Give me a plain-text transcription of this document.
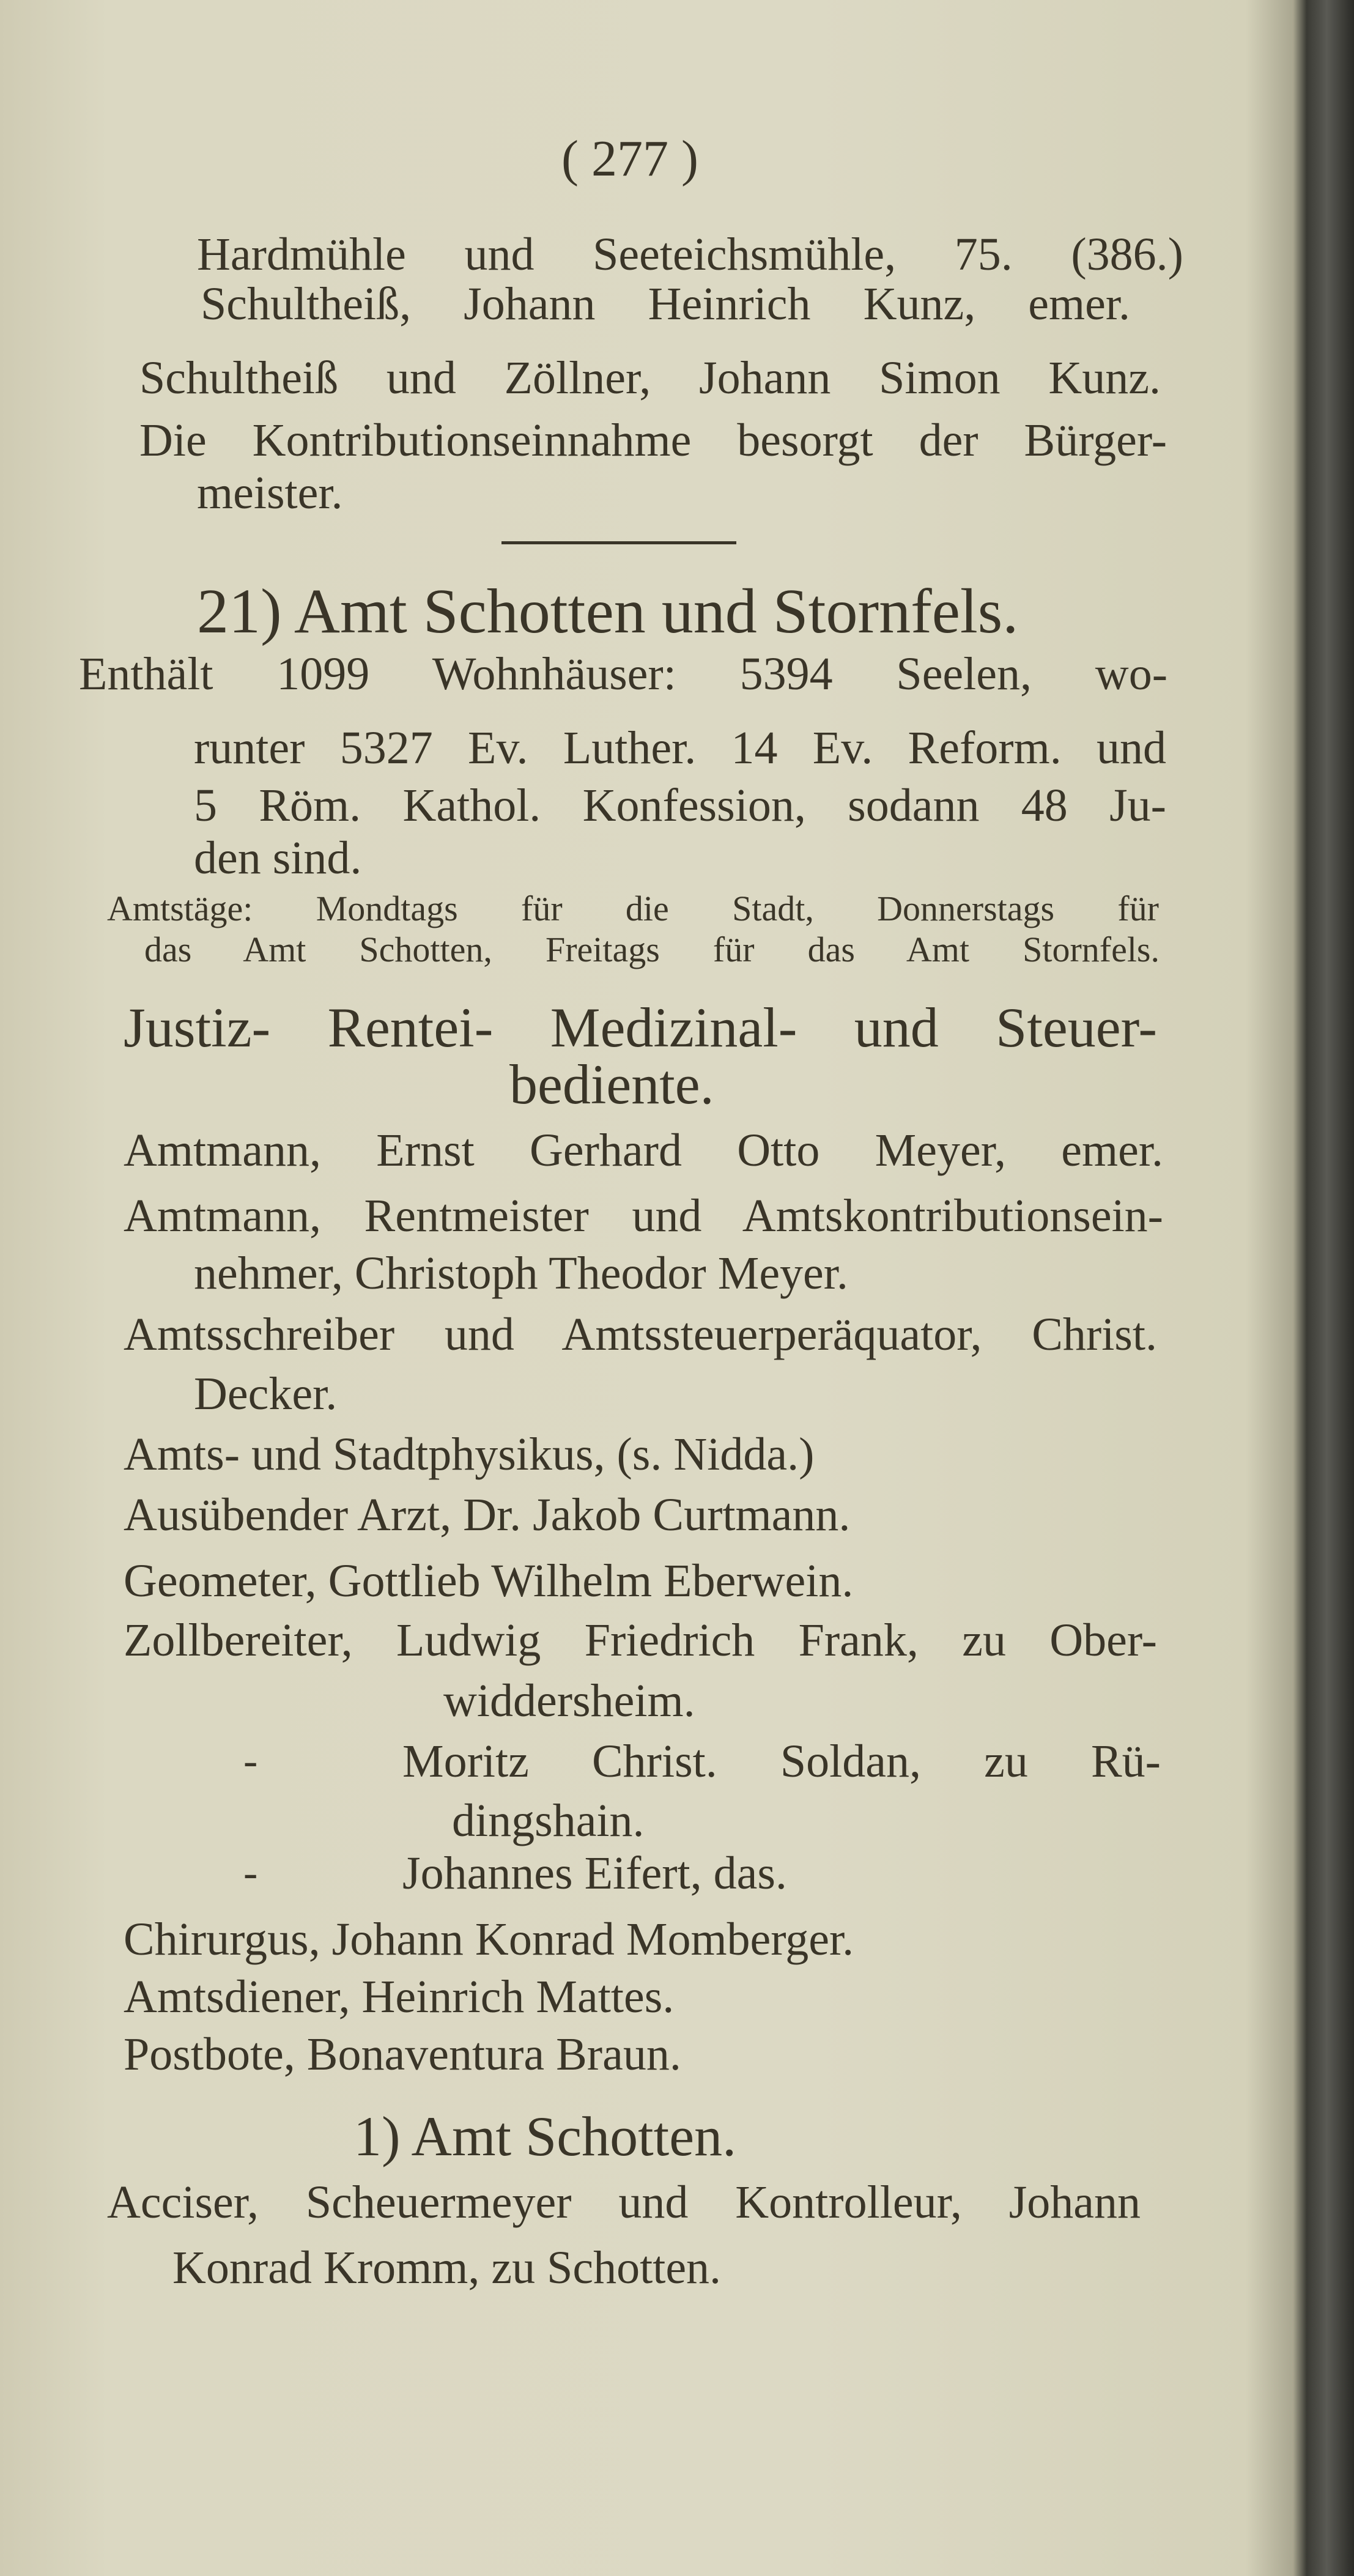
( 277 )
Hardmühle und Seeteichsmühle, 75. (386.)
Schultheiß, Johann Heinrich Kunz, emer.
Schultheiß und Zöllner, Johann Simon Kunz.
Die Kontributionseinnahme besorgt der Bürger-
meister.
21) Amt Schotten und Stornfels.
Enthält 1099 Wohnhäuser: 5394 Seelen, wo-
runter 5327 Ev. Luther. 14 Ev. Reform. und
5 Röm. Kathol. Konfession, sodann 48 Ju-
den sind.
Amtstäge: Mondtags für die Stadt, Donnerstags für
das Amt Schotten, Freitags für das Amt Stornfels.
Justiz- Rentei- Medizinal- und Steuer-
bediente.
Amtmann, Ernst Gerhard Otto Meyer, emer.
Amtmann, Rentmeister und Amtskontributionsein-
nehmer, Christoph Theodor Meyer.
Amtsschreiber und Amtssteuerperäquator, Christ.
Decker.
Amts- und Stadtphysikus, (s. Nidda.)
Ausübender Arzt, Dr. Jakob Curtmann.
Geometer, Gottlieb Wilhelm Eberwein.
Zollbereiter, Ludwig Friedrich Frank, zu Ober-
widdersheim.
-	Moritz Christ. Soldan, zu Rü-
dingshain.
-	Johannes Eifert, das.
Chirurgus, Johann Konrad Momberger.
Amtsdiener, Heinrich Mattes.
Postbote, Bonaventura Braun.
1) Amt Schotten.
Acciser, Scheuermeyer und Kontrolleur, Johann
Konrad Kromm, zu Schotten.
